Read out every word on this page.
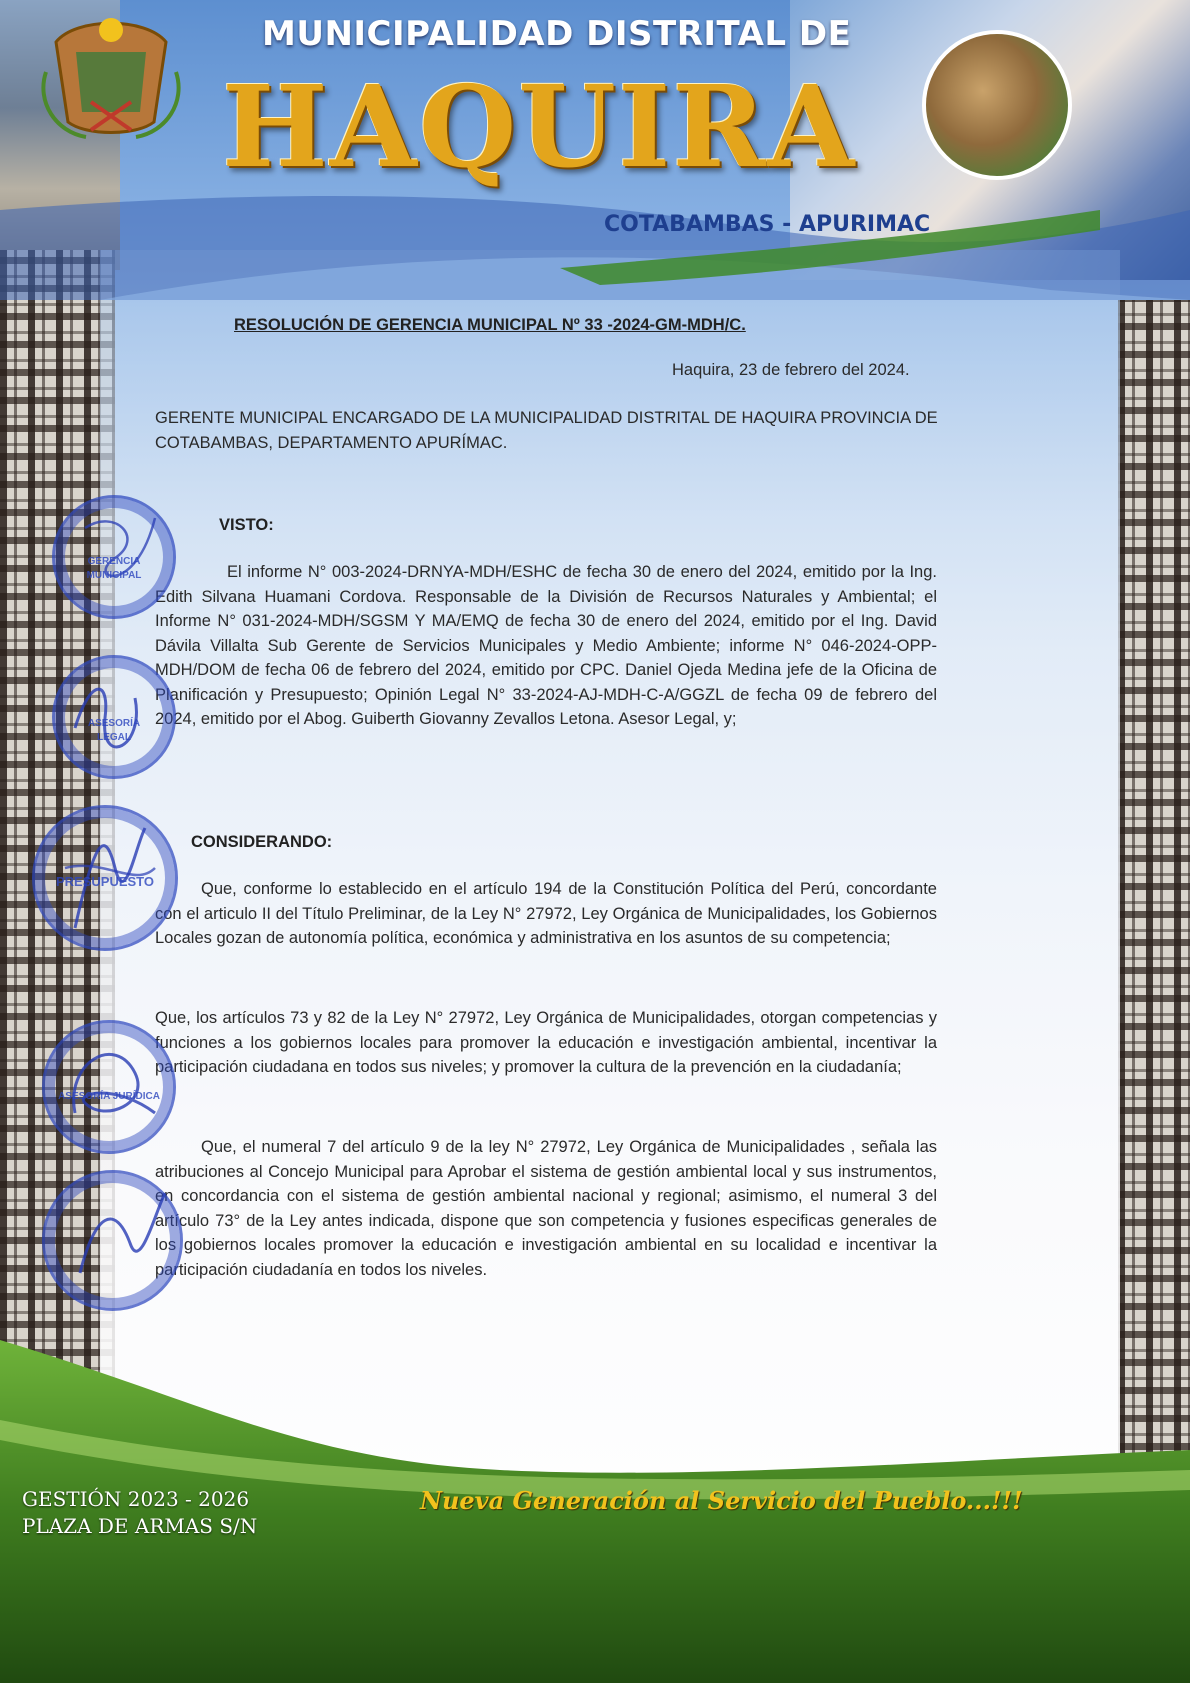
MUNICIPALIDAD DISTRITAL DE
HAQUIRA
COTABAMBAS - APURIMAC
RESOLUCIÓN DE GERENCIA MUNICIPAL Nº 33 -2024-GM-MDH/C.
Haquira, 23 de febrero del 2024.
GERENTE MUNICIPAL ENCARGADO DE LA MUNICIPALIDAD DISTRITAL DE HAQUIRA PROVINCIA DE COTABAMBAS, DEPARTAMENTO APURÍMAC.
VISTO:
El informe N° 003-2024-DRNYA-MDH/ESHC de fecha 30 de enero del 2024, emitido por la Ing. Edith Silvana Huamani Cordova. Responsable de la División de Recursos Naturales y Ambiental; el Informe N° 031-2024-MDH/SGSM Y MA/EMQ de fecha 30 de enero del 2024, emitido por el Ing. David Dávila Villalta Sub Gerente de Servicios Municipales y Medio Ambiente; informe N° 046-2024-OPP-MDH/DOM de fecha 06 de febrero del 2024, emitido por CPC. Daniel Ojeda Medina jefe de la Oficina de Planificación y Presupuesto; Opinión Legal N° 33-2024-AJ-MDH-C-A/GGZL de fecha 09 de febrero del 2024, emitido por el Abog. Guiberth Giovanny Zevallos Letona. Asesor Legal, y;
CONSIDERANDO:
Que, conforme lo establecido en el artículo 194 de la Constitución Política del Perú, concordante con el articulo II del Título Preliminar, de la Ley N° 27972, Ley Orgánica de Municipalidades, los Gobiernos Locales gozan de autonomía política, económica y administrativa en los asuntos de su competencia;
Que, los artículos 73 y 82 de la Ley N° 27972, Ley Orgánica de Municipalidades, otorgan competencias y funciones a los gobiernos locales para promover la educación e investigación ambiental, incentivar la participación ciudadana en todos sus niveles; y promover la cultura de la prevención en la ciudadanía;
Que, el numeral 7 del artículo 9 de la ley N° 27972, Ley Orgánica de Municipalidades , señala las atribuciones al Concejo Municipal para Aprobar el sistema de gestión ambiental local y sus instrumentos, en concordancia con el sistema de gestión ambiental nacional y regional; asimismo, el numeral 3 del artículo 73° de la Ley antes indicada, dispone que son competencia y fusiones especificas generales de los gobiernos locales promover la educación e investigación ambiental en su localidad e incentivar la participación ciudadanía en todos los niveles.
GERENCIA
MUNICIPAL
ASESORÍA
LEGAL
PRESUPUESTO
ASESORÍA JURÍDICA
GESTIÓN 2023 - 2026
PLAZA DE ARMAS S/N
Nueva Generación al Servicio del Pueblo...!!!
